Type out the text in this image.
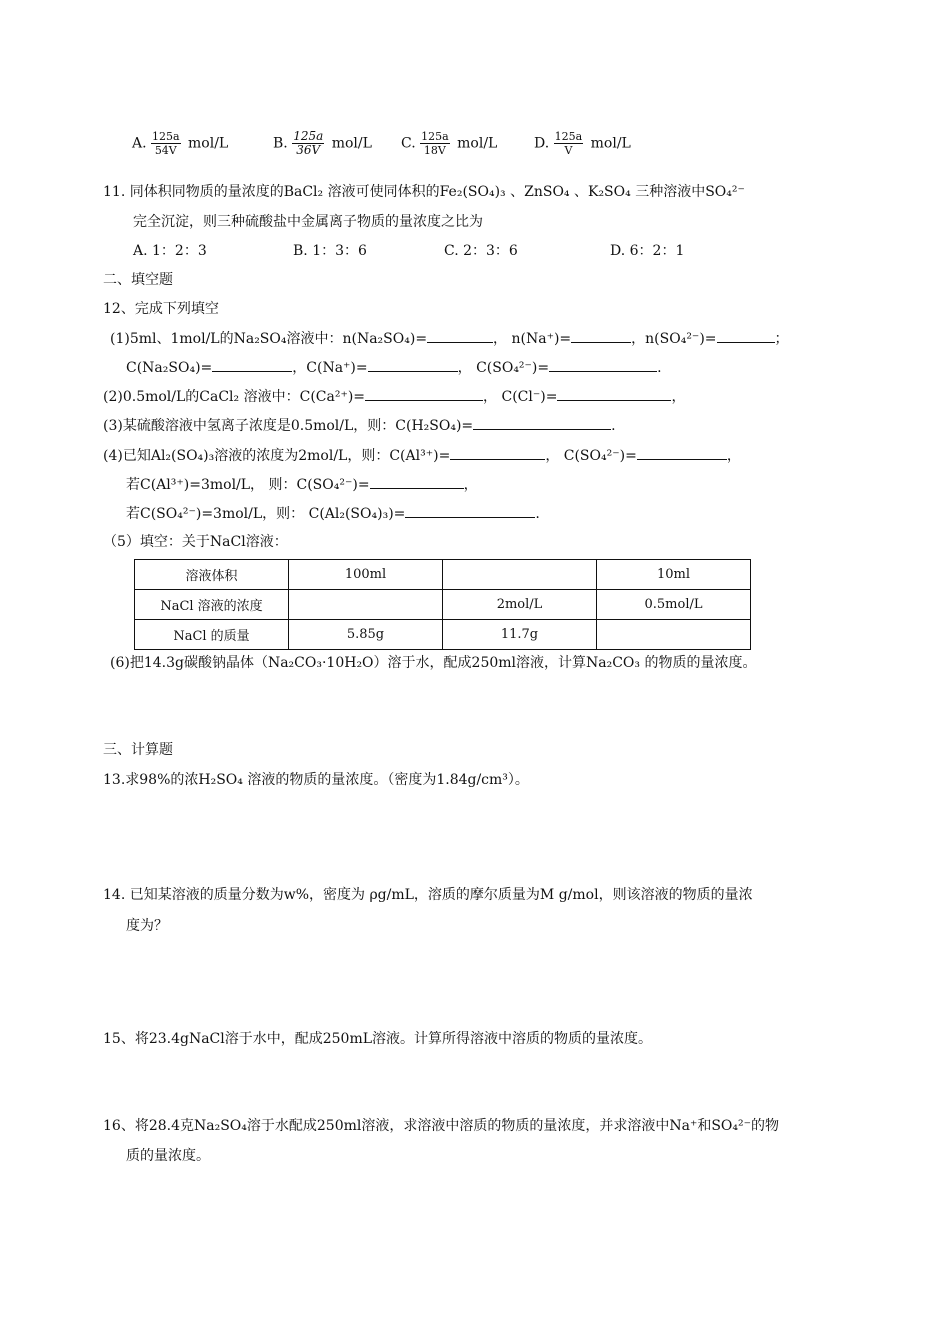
A. $\frac{125a}{54V} mol/L$	B. $\frac{125a}{36V} mol/L$ C. $\frac{125a}{18V} mol/L$	D. $\frac{125a}{V} mol/L$
11. 同体积同物质的量浓度的BaCl₂ 溶液可使同体积的Fe₂(SO₄)₃ 、ZnSO₄ 、K₂SO₄ 三种溶液中SO₄²⁻
完全沉淀，则三种硫酸盐中金属离子物质的量浓度之比为
A. 1：2：3	B. 1：3：6	C. 2：3：6	D. 6：2：1
二、填空题
12、完成下列填空
(1)5ml、1mol/L的Na₂SO₄溶液中：n(Na₂SO₄)=	， n(Na⁺)=	，n(SO₄²⁻)=	；
C(Na₂SO₄)=	，C(Na⁺)=	， C(SO₄²⁻)=	.
(2)0.5mol/L的CaCl₂ 溶液中：C(Ca²⁺)=	， C(Cl⁻)=	，
(3)某硫酸溶液中氢离子浓度是0.5mol/L，则：C(H₂SO₄)=	.
(4)已知Al₂(SO₄)₃溶液的浓度为2mol/L，则：C(Al³⁺)=	， C(SO₄²⁻)=	，
若C(Al³⁺)=3mol/L， 则：C(SO₄²⁻)=	，
若C(SO₄²⁻)=3mol/L，则： C(Al₂(SO₄)₃)=	.
（5）填空：关于NaCl溶液：
溶液体积	100ml		10ml
NaCl 溶液的浓度		2mol/L	0.5mol/L
NaCl 的质量	5.85g	11.7g	
(6)把14.3g碳酸钠晶体（Na₂CO₃·10H₂O）溶于水，配成250ml溶液，计算Na₂CO₃ 的物质的量浓度。
三、计算题
13.求98%的浓H₂SO₄ 溶液的物质的量浓度。（密度为1.84g/cm³）。
14. 已知某溶液的质量分数为w%，密度为 ρg/mL，溶质的摩尔质量为M g/mol，则该溶液的物质的量浓
度为？
15、将23.4gNaCl溶于水中，配成250mL溶液。计算所得溶液中溶质的物质的量浓度。
16、将28.4克Na₂SO₄溶于水配成250ml溶液，求溶液中溶质的物质的量浓度，并求溶液中Na⁺和SO₄²⁻的物
质的量浓度。
